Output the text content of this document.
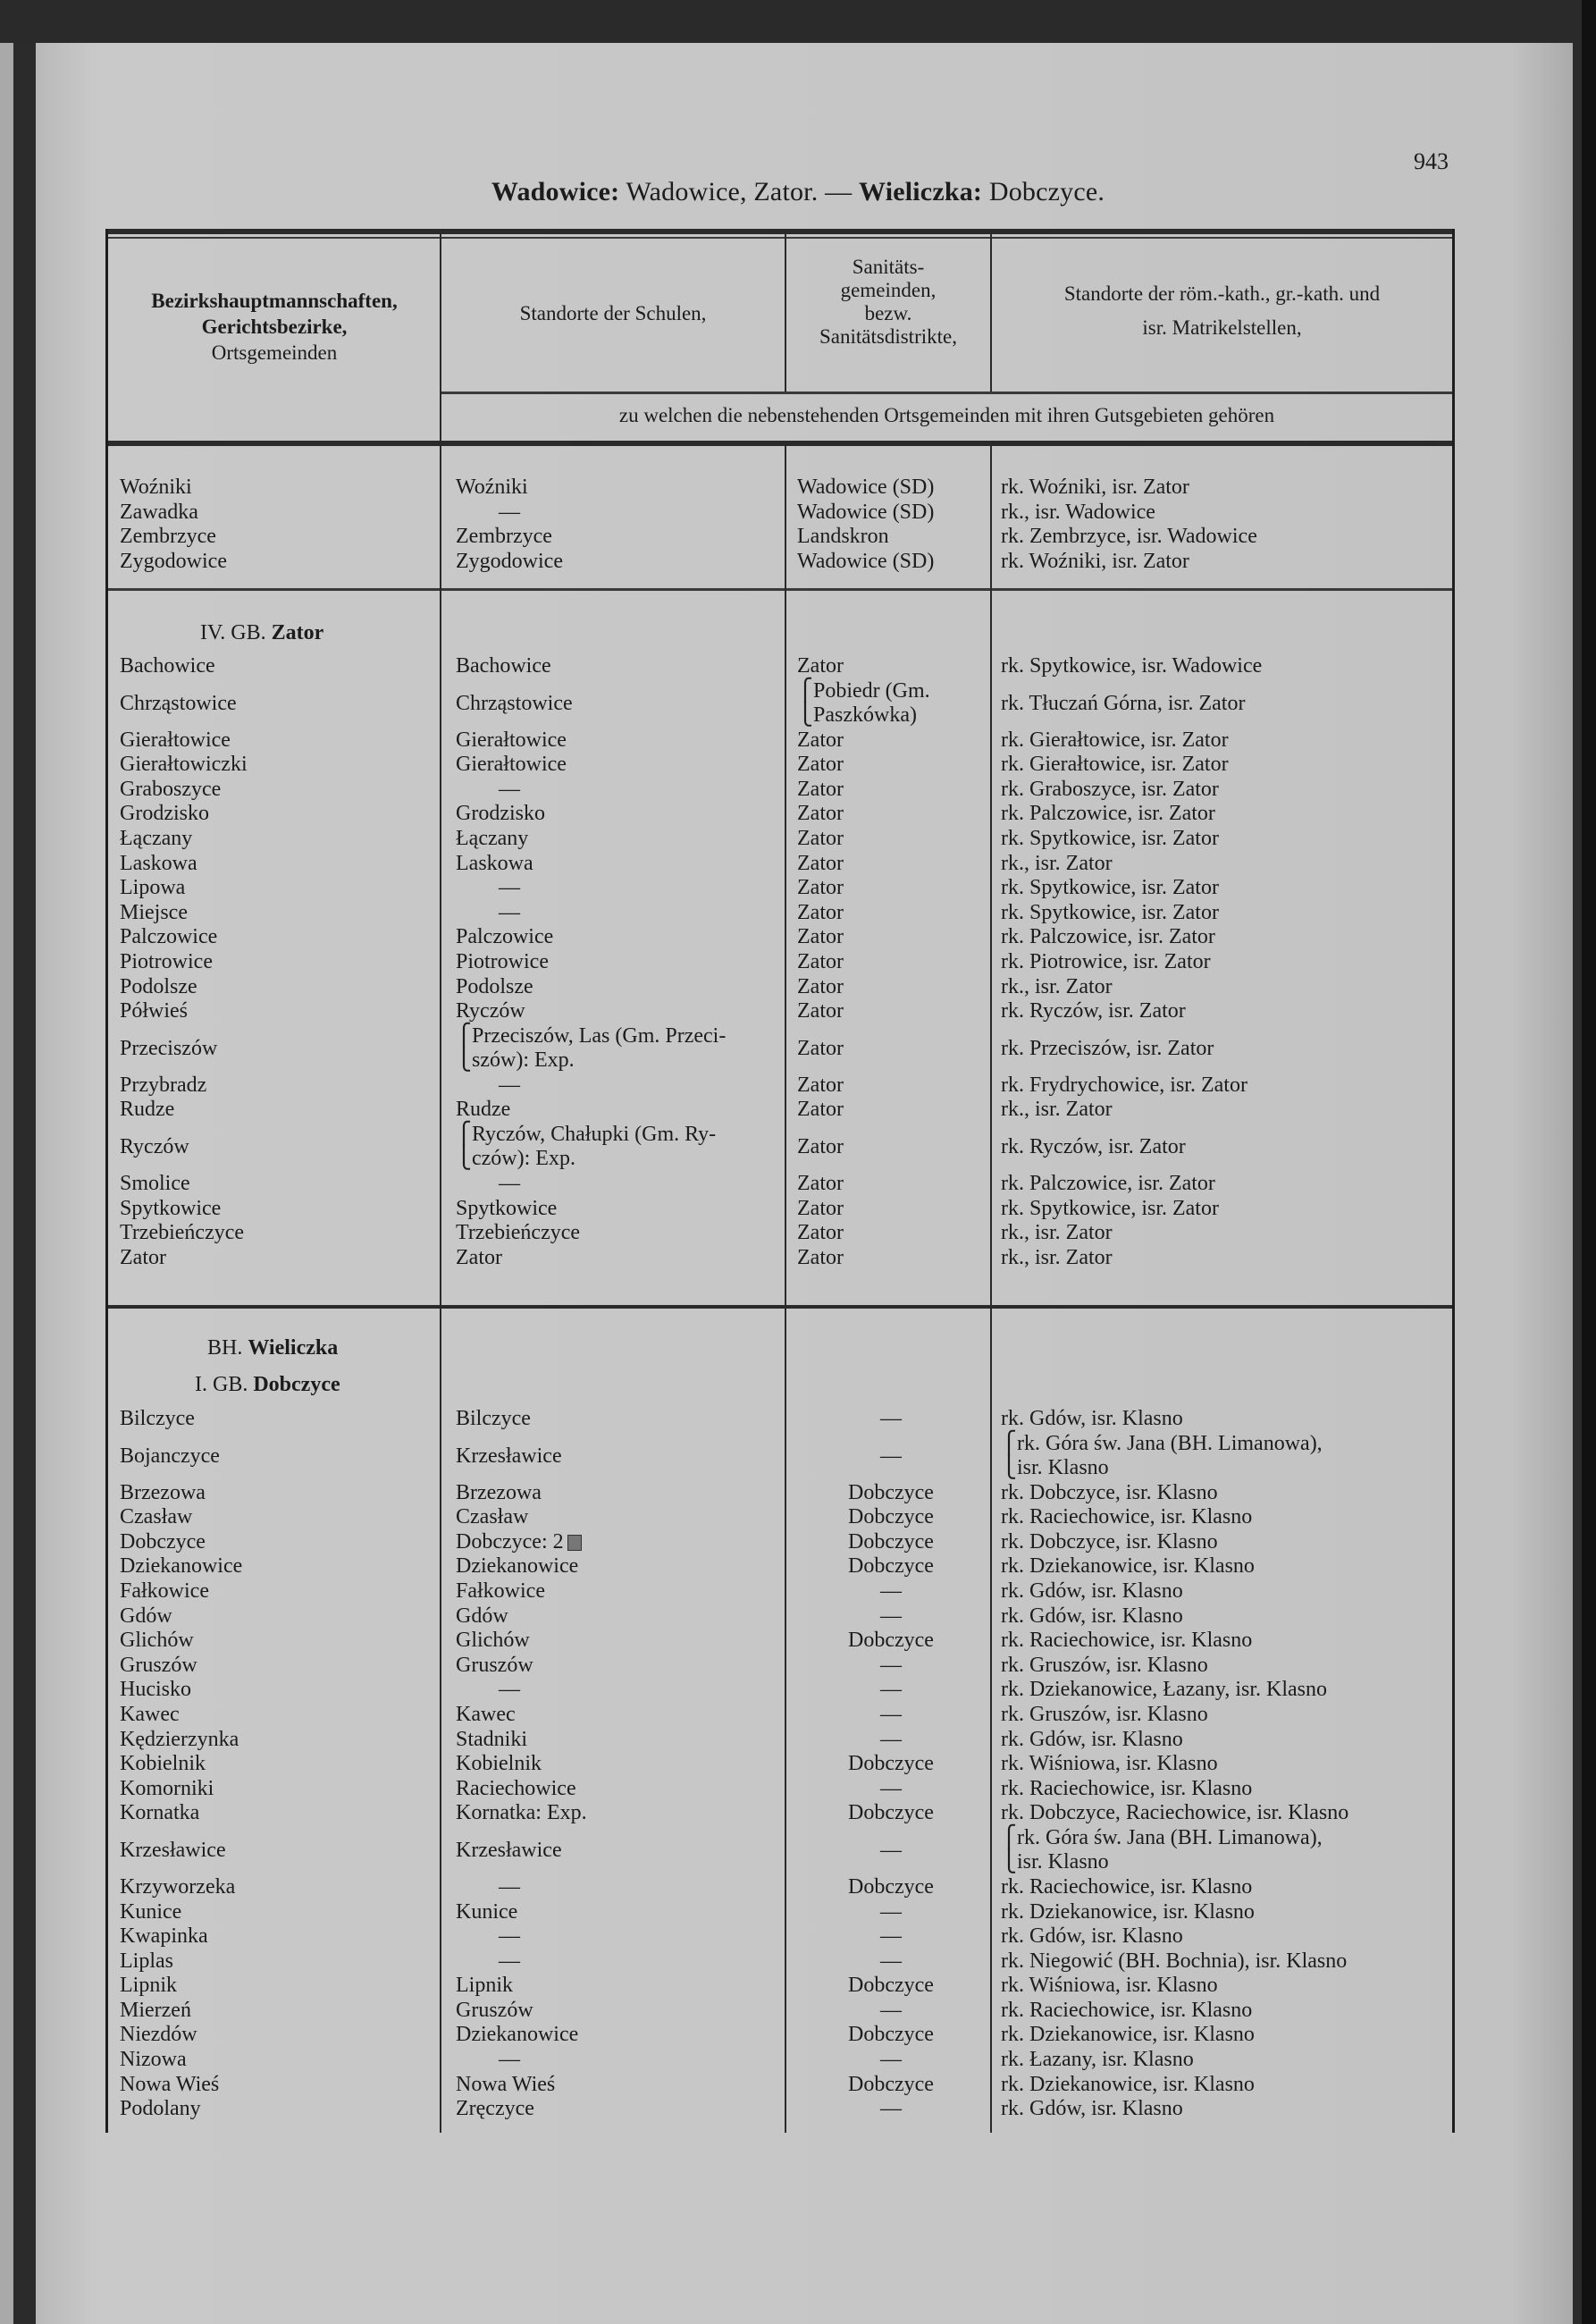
Wadowice: Wadowice, Zator. — Wieliczka: Dobczyce.
943
Bezirkshauptmannschaften,
Gerichtsbezirke,
Ortsgemeinden
Standorte der Schulen,
Sanitäts-
gemeinden,
bezw.
Sanitätsdistrikte,
Standorte der röm.-kath., gr.-kath. und
isr. Matrikelstellen,
zu welchen die nebenstehenden Ortsgemeinden mit ihren Gutsgebieten gehören
Woźniki
Zawadka
Zembrzyce
Zygodowice
Woźniki
—
Zembrzyce
Zygodowice
Wadowice (SD)
Wadowice (SD)
Landskron
Wadowice (SD)
rk. Woźniki, isr. Zator
rk., isr. Wadowice
rk. Zembrzyce, isr. Wadowice
rk. Woźniki, isr. Zator
IV. GB. Zator
Bachowice
Chrząstowice
Gierałtowice
Gierałtowiczki
Graboszyce
Grodzisko
Łączany
Laskowa
Lipowa
Miejsce
Palczowice
Piotrowice
Podolsze
Półwieś
Przeciszów
Przybradz
Rudze
Ryczów
Smolice
Spytkowice
Trzebieńczyce
Zator
Bachowice
Chrząstowice
Gierałtowice
Gierałtowice
—
Grodzisko
Łączany
Laskowa
—
—
Palczowice
Piotrowice
Podolsze
Ryczów
⎧Przeciszów, Las (Gm. Przeci-
⎩szów): Exp.
—
Rudze
⎧Ryczów, Chałupki (Gm. Ry-
⎩czów): Exp.
—
Spytkowice
Trzebieńczyce
Zator
Zator
⎧Pobiedr (Gm.
⎩Paszkówka)
Zator
Zator
Zator
Zator
Zator
Zator
Zator
Zator
Zator
Zator
Zator
Zator
Zator
Zator
Zator
Zator
Zator
Zator
Zator
Zator
rk. Spytkowice, isr. Wadowice
rk. Tłuczań Górna, isr. Zator
rk. Gierałtowice, isr. Zator
rk. Gierałtowice, isr. Zator
rk. Graboszyce, isr. Zator
rk. Palczowice, isr. Zator
rk. Spytkowice, isr. Zator
rk., isr. Zator
rk. Spytkowice, isr. Zator
rk. Spytkowice, isr. Zator
rk. Palczowice, isr. Zator
rk. Piotrowice, isr. Zator
rk., isr. Zator
rk. Ryczów, isr. Zator
rk. Przeciszów, isr. Zator
rk. Frydrychowice, isr. Zator
rk., isr. Zator
rk. Ryczów, isr. Zator
rk. Palczowice, isr. Zator
rk. Spytkowice, isr. Zator
rk., isr. Zator
rk., isr. Zator
BH. Wieliczka
I. GB. Dobczyce
Bilczyce
Bojanczyce
Brzezowa
Czasław
Dobczyce
Dziekanowice
Fałkowice
Gdów
Glichów
Gruszów
Hucisko
Kawec
Kędzierzynka
Kobielnik
Komorniki
Kornatka
Krzesławice
Krzyworzeka
Kunice
Kwapinka
Liplas
Lipnik
Mierzeń
Niezdów
Nizowa
Nowa Wieś
Podolany
Bilczyce
Krzesławice
Brzezowa
Czasław
Dobczyce: 2
Dziekanowice
Fałkowice
Gdów
Glichów
Gruszów
—
Kawec
Stadniki
Kobielnik
Raciechowice
Kornatka: Exp.
Krzesławice
—
Kunice
—
—
Lipnik
Gruszów
Dziekanowice
—
Nowa Wieś
Zręczyce
—
—
Dobczyce
Dobczyce
Dobczyce
Dobczyce
—
—
Dobczyce
—
—
—
—
Dobczyce
—
Dobczyce
—
Dobczyce
—
—
—
Dobczyce
—
Dobczyce
—
Dobczyce
—
rk. Gdów, isr. Klasno
⎧rk. Góra św. Jana (BH. Limanowa),
⎩isr. Klasno
rk. Dobczyce, isr. Klasno
rk. Raciechowice, isr. Klasno
rk. Dobczyce, isr. Klasno
rk. Dziekanowice, isr. Klasno
rk. Gdów, isr. Klasno
rk. Gdów, isr. Klasno
rk. Raciechowice, isr. Klasno
rk. Gruszów, isr. Klasno
rk. Dziekanowice, Łazany, isr. Klasno
rk. Gruszów, isr. Klasno
rk. Gdów, isr. Klasno
rk. Wiśniowa, isr. Klasno
rk. Raciechowice, isr. Klasno
rk. Dobczyce, Raciechowice, isr. Klasno
⎧rk. Góra św. Jana (BH. Limanowa),
⎩isr. Klasno
rk. Raciechowice, isr. Klasno
rk. Dziekanowice, isr. Klasno
rk. Gdów, isr. Klasno
rk. Niegowić (BH. Bochnia), isr. Klasno
rk. Wiśniowa, isr. Klasno
rk. Raciechowice, isr. Klasno
rk. Dziekanowice, isr. Klasno
rk. Łazany, isr. Klasno
rk. Dziekanowice, isr. Klasno
rk. Gdów, isr. Klasno
